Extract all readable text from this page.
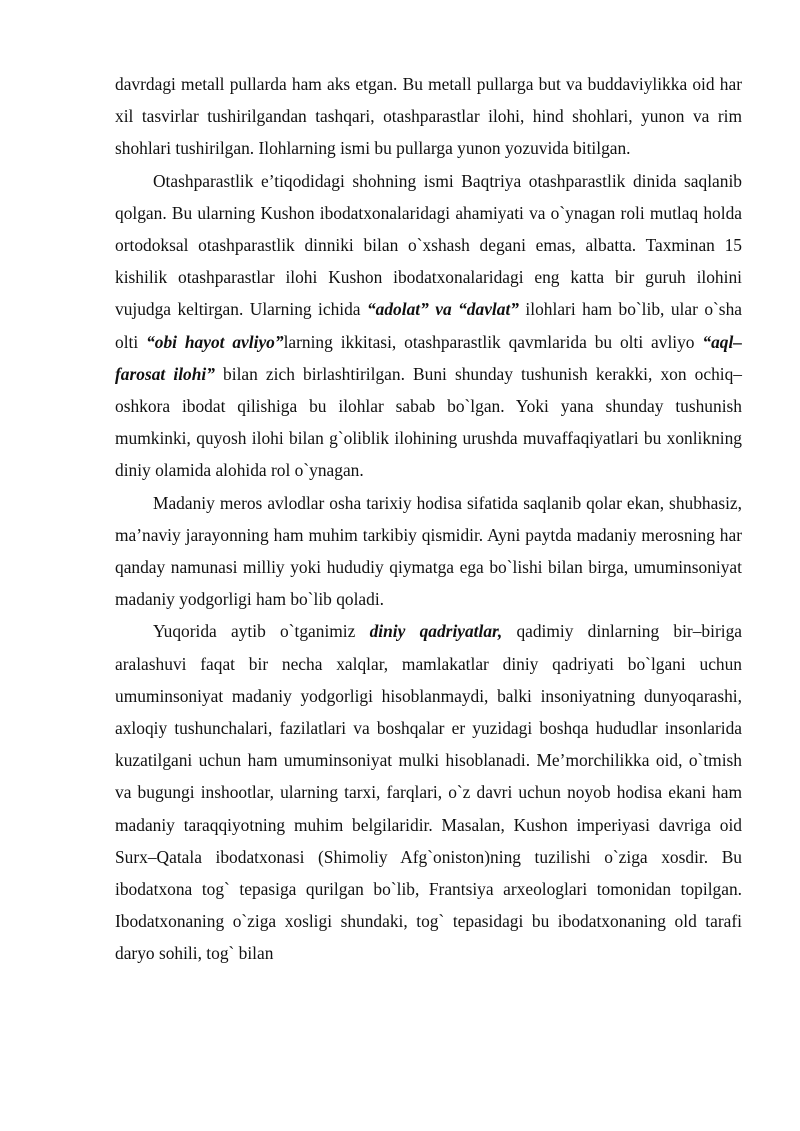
davrdagi metall pullarda ham aks etgan. Bu metall pullarga but va buddaviylikka oid har xil tasvirlar tushirilgandan tashqari, otashparastlar ilohi, hind shohlari, yunon va rim shohlari tushirilgan. Ilohlarning ismi bu pullarga yunon yozuvida bitilgan.

Otashparastlik e’tiqodidagi shohning ismi Baqtriya otashparastlik dinida saqlanib qolgan. Bu ularning Kushon ibodatxonalaridagi ahamiyati va o`ynagan roli mutlaq holda ortodoksal otashparastlik dinniki bilan o`xshash degani emas, albatta. Taxminan 15 kishilik otashparastlar ilohi Kushon ibodatxonalaridagi eng katta bir guruh ilohini vujudga keltirgan. Ularning ichida “adolat” va “davlat” ilohlari ham bo`lib, ular o`sha olti “obi hayot avliyo”larning ikkitasi, otashparastlik qavmlarida bu olti avliyo “aql–farosat ilohi” bilan zich birlashtirilgan. Buni shunday tushunish kerakki, xon ochiq–oshkora ibodat qilishiga bu ilohlar sabab bo`lgan. Yoki yana shunday tushunish mumkinki, quyosh ilohi bilan g`oliblik ilohining urushda muvaffaqiyatlari bu xonlikning diniy olamida alohida rol o`ynagan.

Madaniy meros avlodlar osha tarixiy hodisa sifatida saqlanib qolar ekan, shubhasiz, ma’naviy jarayonning ham muhim tarkibiy qismidir. Ayni paytda madaniy merosning har qanday namunasi milliy yoki hududiy qiymatga ega bo`lishi bilan birga, umuminsoniyat madaniy yodgorligi ham bo`lib qoladi.

Yuqorida aytib o`tganimiz diniy qadriyatlar, qadimiy dinlarning bir–biriga aralashuvi faqat bir necha xalqlar, mamlakatlar diniy qadriyati bo`lgani uchun umuminsoniyat madaniy yodgorligi hisoblanmaydi, balki insoniyatning dunyoqarashi, axloqiy tushunchalari, fazilatlari va boshqalar er yuzidagi boshqa hududlar insonlarida kuzatilgani uchun ham umuminsoniyat mulki hisoblanadi. Me’morchilikka oid, o`tmish va bugungi inshootlar, ularning tarxi, farqlari, o`z davri uchun noyob hodisa ekani ham madaniy taraqqiyotning muhim belgilaridir. Masalan, Kushon imperiyasi davriga oid Surx–Qatala ibodatxonasi (Shimoliy Afg`oniston)ning tuzilishi o`ziga xosdir. Bu ibodatxona tog` tepasiga qurilgan bo`lib, Frantsiya arxeologlari tomonidan topilgan. Ibodatxonaning o`ziga xosligi shundaki, tog` tepasidagi bu ibodatxonaning old tarafi daryo sohili, tog` bilan
